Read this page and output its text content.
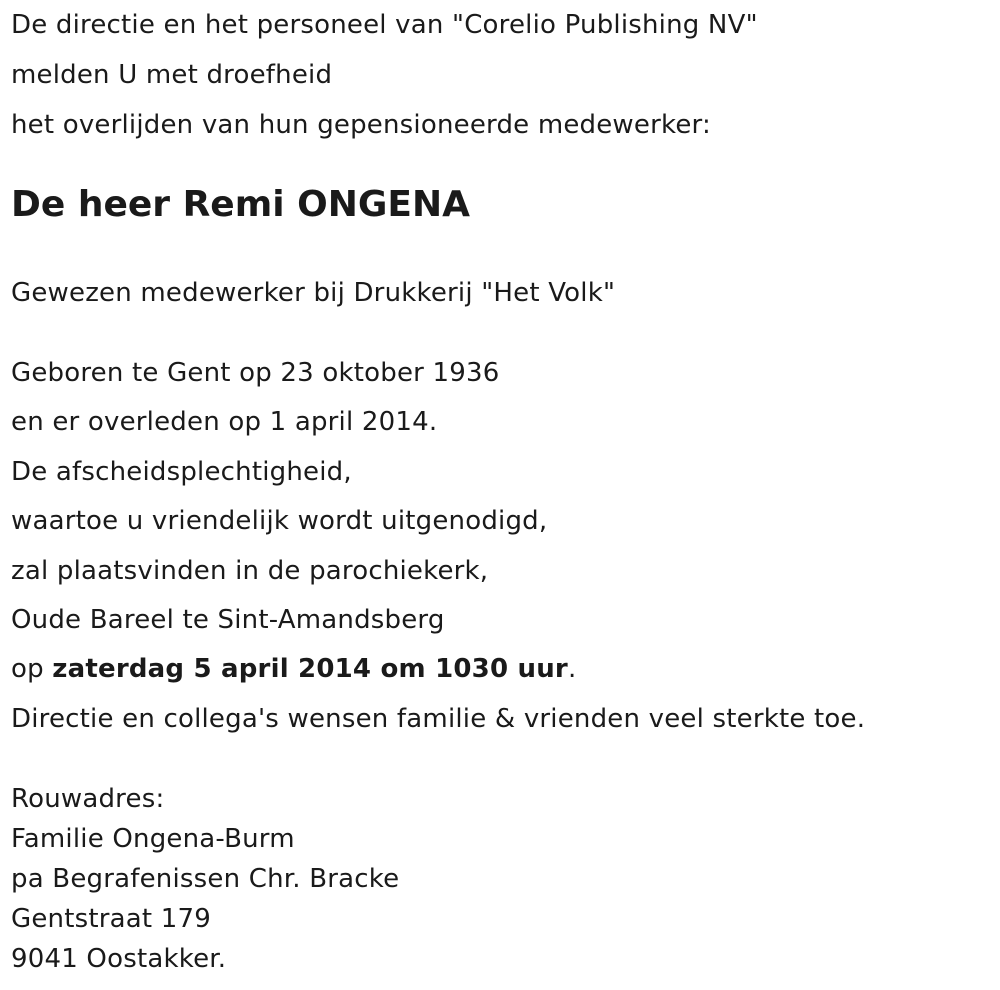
De directie en het personeel van "Corelio Publishing NV"
melden U met droefheid
het overlijden van hun gepensioneerde medewerker:
De heer Remi ONGENA
Gewezen medewerker bij Drukkerij "Het Volk"
Geboren te Gent op 23 oktober 1936
en er overleden op 1 april 2014.
De afscheidsplechtigheid,
waartoe u vriendelijk wordt uitgenodigd,
zal plaatsvinden in de parochiekerk,
Oude Bareel te Sint-Amandsberg
op zaterdag 5 april 2014 om 1030 uur.
Directie en collega's wensen familie & vrienden veel sterkte toe.
Rouwadres:
Familie Ongena-Burm
pa Begrafenissen Chr. Bracke
Gentstraat 179
9041 Oostakker.
